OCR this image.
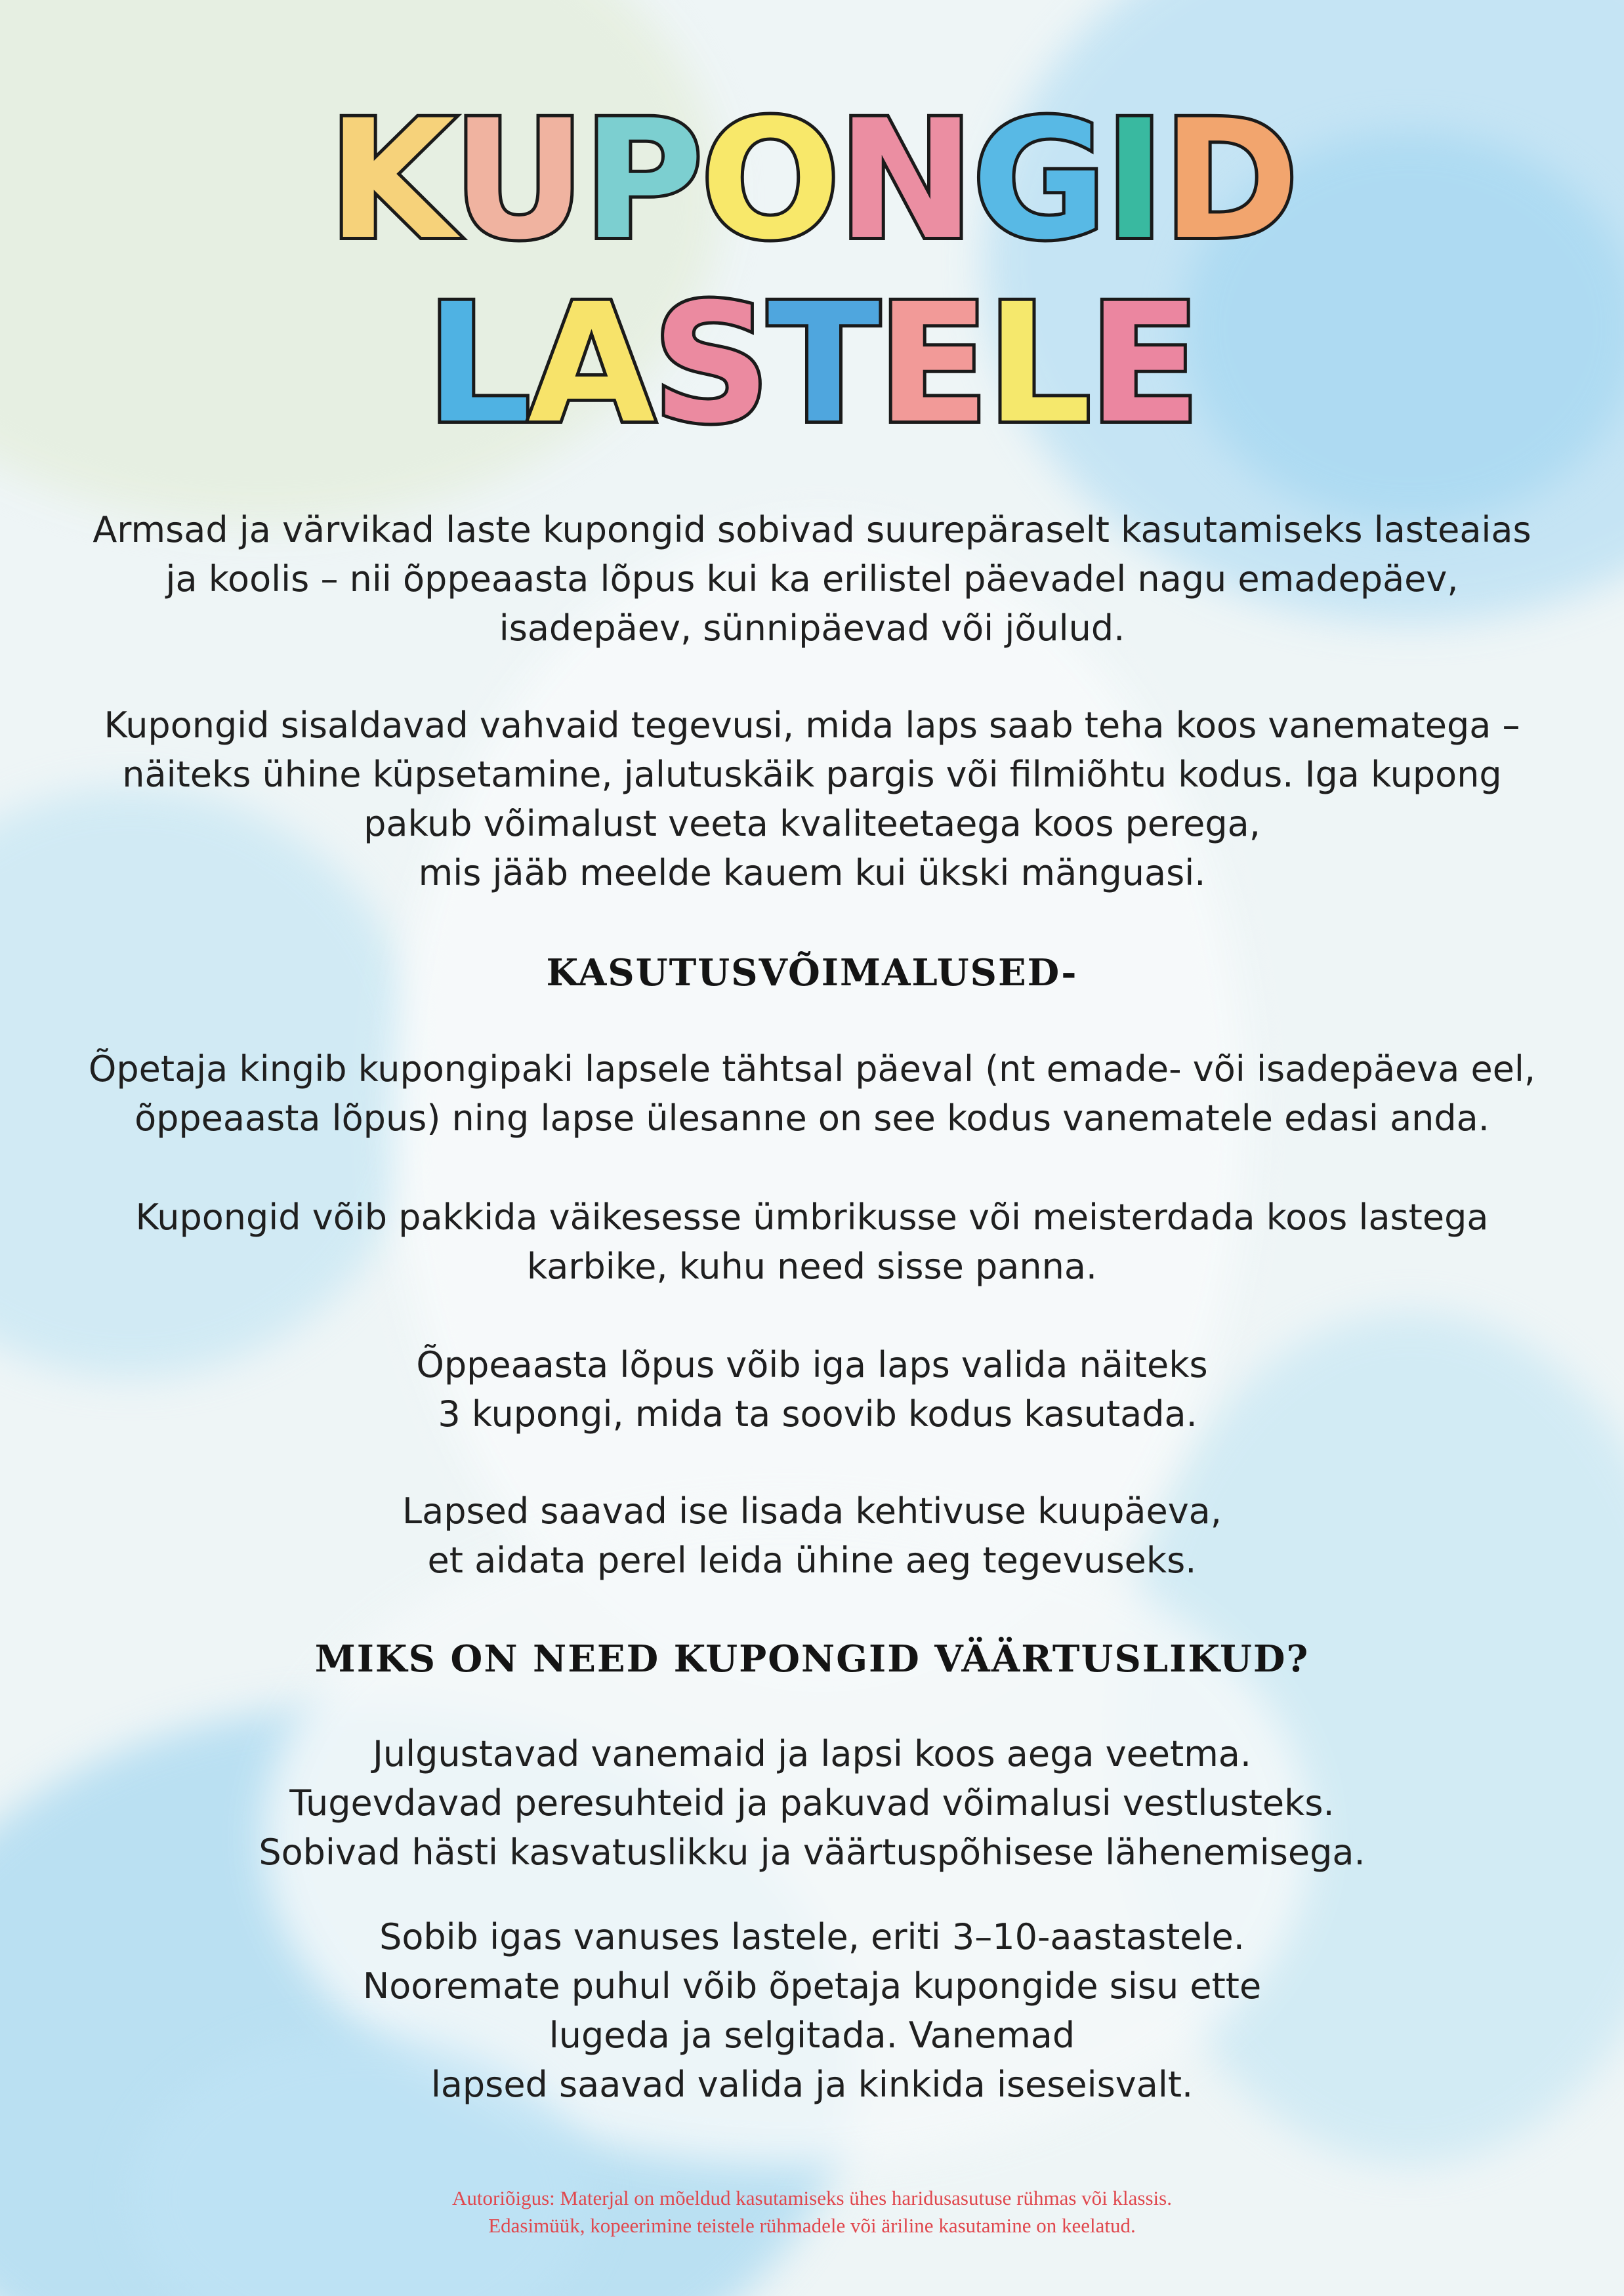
KUPONGID
LASTELE
Armsad ja värvikad laste kupongid sobivad suurepäraselt kasutamiseks lasteaias
ja koolis – nii õppeaasta lõpus kui ka erilistel päevadel nagu emadepäev,
isadepäev, sünnipäevad või jõulud.
Kupongid sisaldavad vahvaid tegevusi, mida laps saab teha koos vanematega –
näiteks ühine küpsetamine, jalutuskäik pargis või filmiõhtu kodus. Iga kupong
pakub võimalust veeta kvaliteetaega koos perega,
mis jääb meelde kauem kui ükski mänguasi.
KASUTUSVÕIMALUSED-
Õpetaja kingib kupongipaki lapsele tähtsal päeval (nt emade- või isadepäeva eel,
õppeaasta lõpus) ning lapse ülesanne on see kodus vanematele edasi anda.
Kupongid võib pakkida väikesesse ümbrikusse või meisterdada koos lastega
karbike, kuhu need sisse panna.
Õppeaasta lõpus võib iga laps valida näiteks
3 kupongi, mida ta soovib kodus kasutada.
Lapsed saavad ise lisada kehtivuse kuupäeva,
et aidata perel leida ühine aeg tegevuseks.
MIKS ON NEED KUPONGID VÄÄRTUSLIKUD?
Julgustavad vanemaid ja lapsi koos aega veetma.
Tugevdavad peresuhteid ja pakuvad võimalusi vestlusteks.
Sobivad hästi kasvatuslikku ja väärtuspõhisese lähenemisega.
Sobib igas vanuses lastele, eriti 3–10-aastastele.
Nooremate puhul võib õpetaja kupongide sisu ette
lugeda ja selgitada. Vanemad
lapsed saavad valida ja kinkida iseseisvalt.
Autoriõigus: Materjal on mõeldud kasutamiseks ühes haridusasutuse rühmas või klassis.
Edasimüük, kopeerimine teistele rühmadele või äriline kasutamine on keelatud.
